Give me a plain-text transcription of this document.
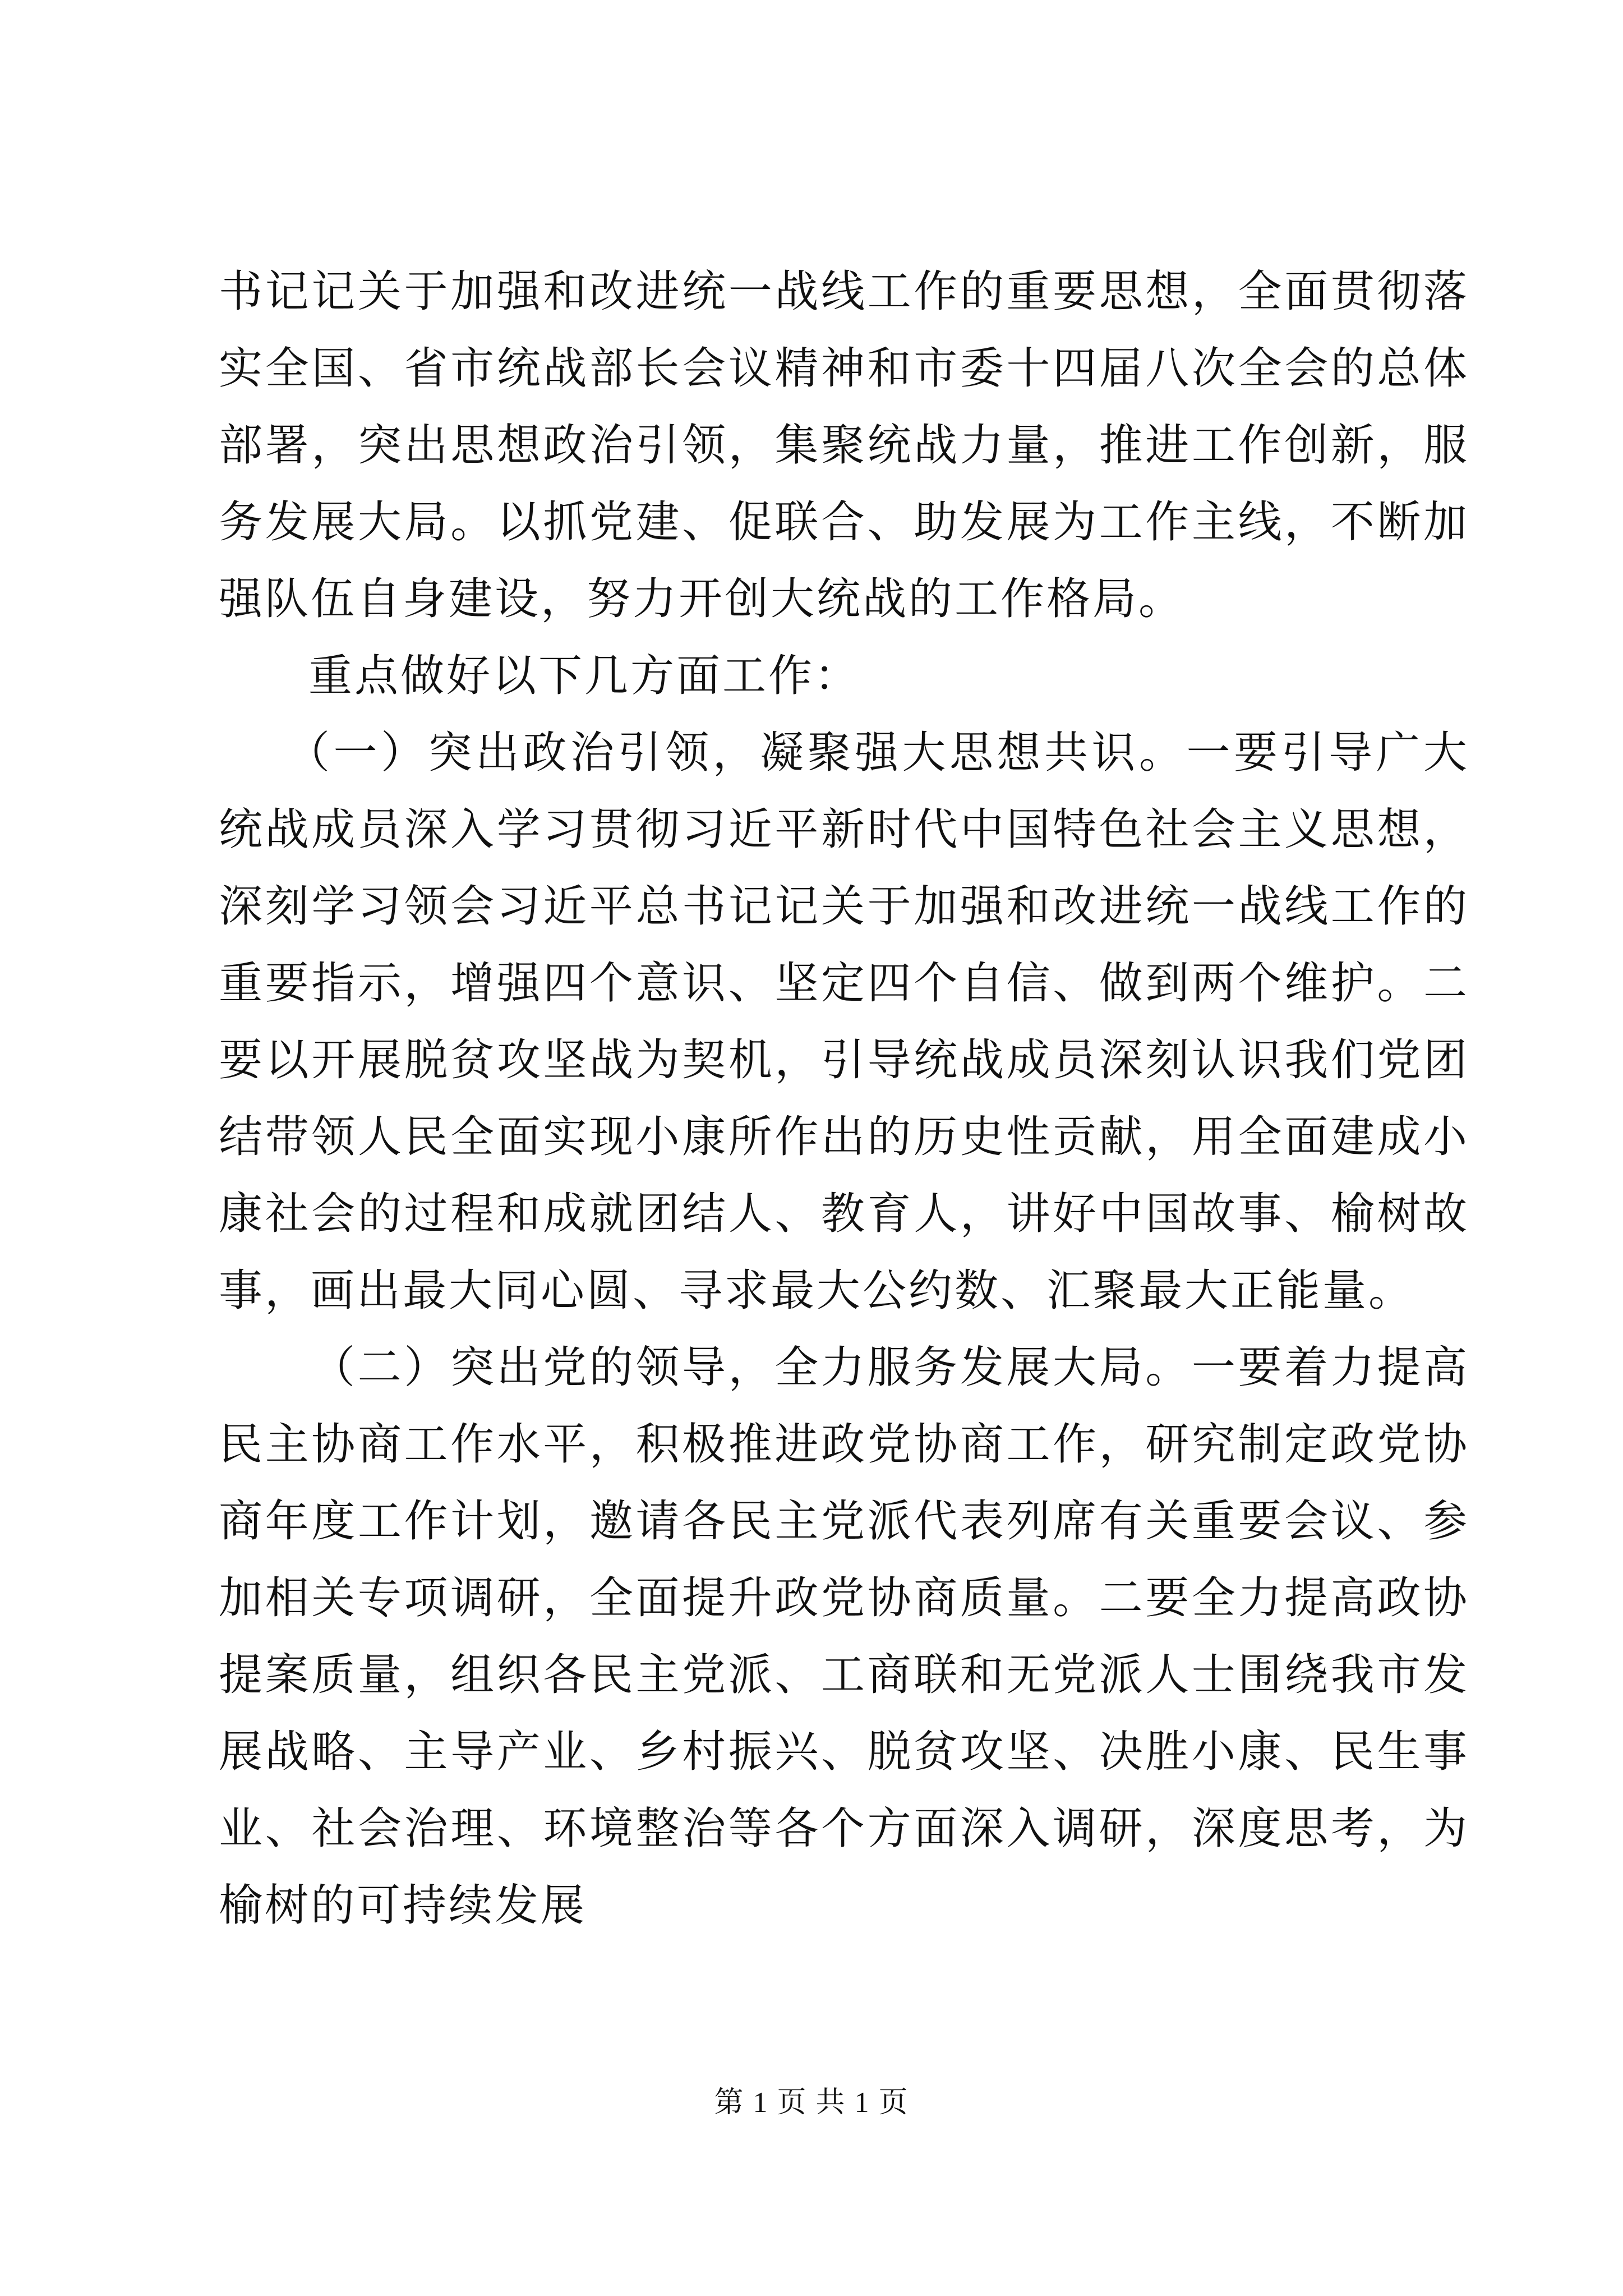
书记记关于加强和改进统一战线工作的重要思想，全面贯彻落实全国、省市统战部长会议精神和市委十四届八次全会的总体部署，突出思想政治引领，集聚统战力量，推进工作创新，服务发展大局。以抓党建、促联合、助发展为工作主线，不断加强队伍自身建设，努力开创大统战的工作格局。

重点做好以下几方面工作：

（一）突出政治引领，凝聚强大思想共识。一要引导广大统战成员深入学习贯彻习近平新时代中国特色社会主义思想，深刻学习领会习近平总书记记关于加强和改进统一战线工作的重要指示，增强四个意识、坚定四个自信、做到两个维护。二要以开展脱贫攻坚战为契机，引导统战成员深刻认识我们党团结带领人民全面实现小康所作出的历史性贡献，用全面建成小康社会的过程和成就团结人、教育人，讲好中国故事、榆树故事，画出最大同心圆、寻求最大公约数、汇聚最大正能量。

（二）突出党的领导，全力服务发展大局。一要着力提高民主协商工作水平，积极推进政党协商工作，研究制定政党协商年度工作计划，邀请各民主党派代表列席有关重要会议、参加相关专项调研，全面提升政党协商质量。二要全力提高政协提案质量，组织各民主党派、工商联和无党派人士围绕我市发展战略、主导产业、乡村振兴、脱贫攻坚、决胜小康、民生事业、社会治理、环境整治等各个方面深入调研，深度思考，为榆树的可持续发展

第 1 页 共 1 页
